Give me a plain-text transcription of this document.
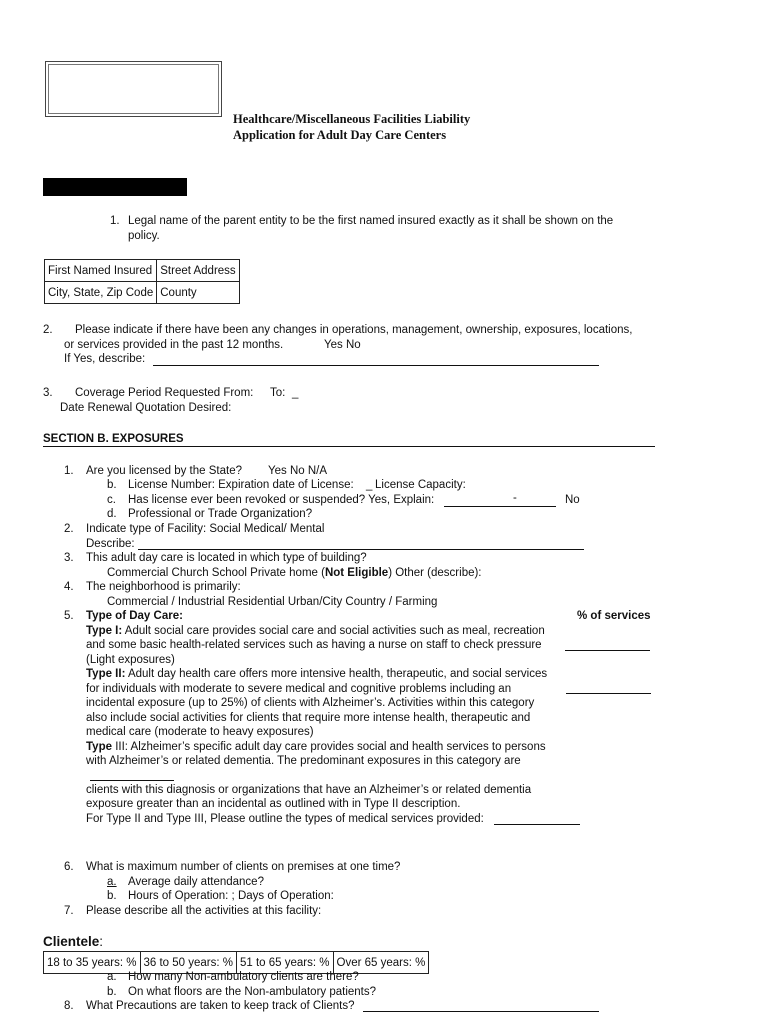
Healthcare/Miscellaneous Facilities Liability
Application for Adult Day Care Centers
1. Legal name of the parent entity to be the first named insured exactly as it shall be shown on the
policy.
First Named Insured	Street Address
City, State, Zip Code	County
2. Please indicate if there have been any changes in operations, management, ownership, exposures, locations,
or services provided in the past 12 months.	Yes No
If Yes, describe:
3. Coverage Period Requested From: To: _
Date Renewal Quotation Desired:
SECTION B. EXPOSURES
1. Are you licensed by the State? Yes No N/A
b. License Number: Expiration date of License: _ License Capacity:
c. Has license ever been revoked or suspended? Yes, Explain:	-	No
d. Professional or Trade Organization?
2. Indicate type of Facility: Social Medical/ Mental
Describe:
3. This adult day care is located in which type of building?
Commercial Church School Private home (Not Eligible) Other (describe):
4. The neighborhood is primarily:
Commercial / Industrial Residential Urban/City Country / Farming
5. Type of Day Care:	% of services
Type I: Adult social care provides social care and social activities such as meal, recreation
and some basic health-related services such as having a nurse on staff to check pressure
(Light exposures)
Type II: Adult day health care offers more intensive health, therapeutic, and social services
for individuals with moderate to severe medical and cognitive problems including an
incidental exposure (up to 25%) of clients with Alzheimer’s. Activities within this category
also include social activities for clients that require more intense health, therapeutic and
medical care (moderate to heavy exposures)
Type III: Alzheimer’s specific adult day care provides social and health services to persons
with Alzheimer’s or related dementia. The predominant exposures in this category are
clients with this diagnosis or organizations that have an Alzheimer’s or related dementia
exposure greater than an incidental as outlined with in Type II description.
For Type II and Type III, Please outline the types of medical services provided:
6. What is maximum number of clients on premises at one time?
a. Average daily attendance?
b. Hours of Operation: ; Days of Operation:
7. Please describe all the activities at this facility:
Clientele:
18 to 35 years: %	36 to 50 years: %	51 to 65 years: %	Over 65 years: %
a. How many Non-ambulatory clients are there?
b. On what floors are the Non-ambulatory patients?
8. What Precautions are taken to keep track of Clients?
